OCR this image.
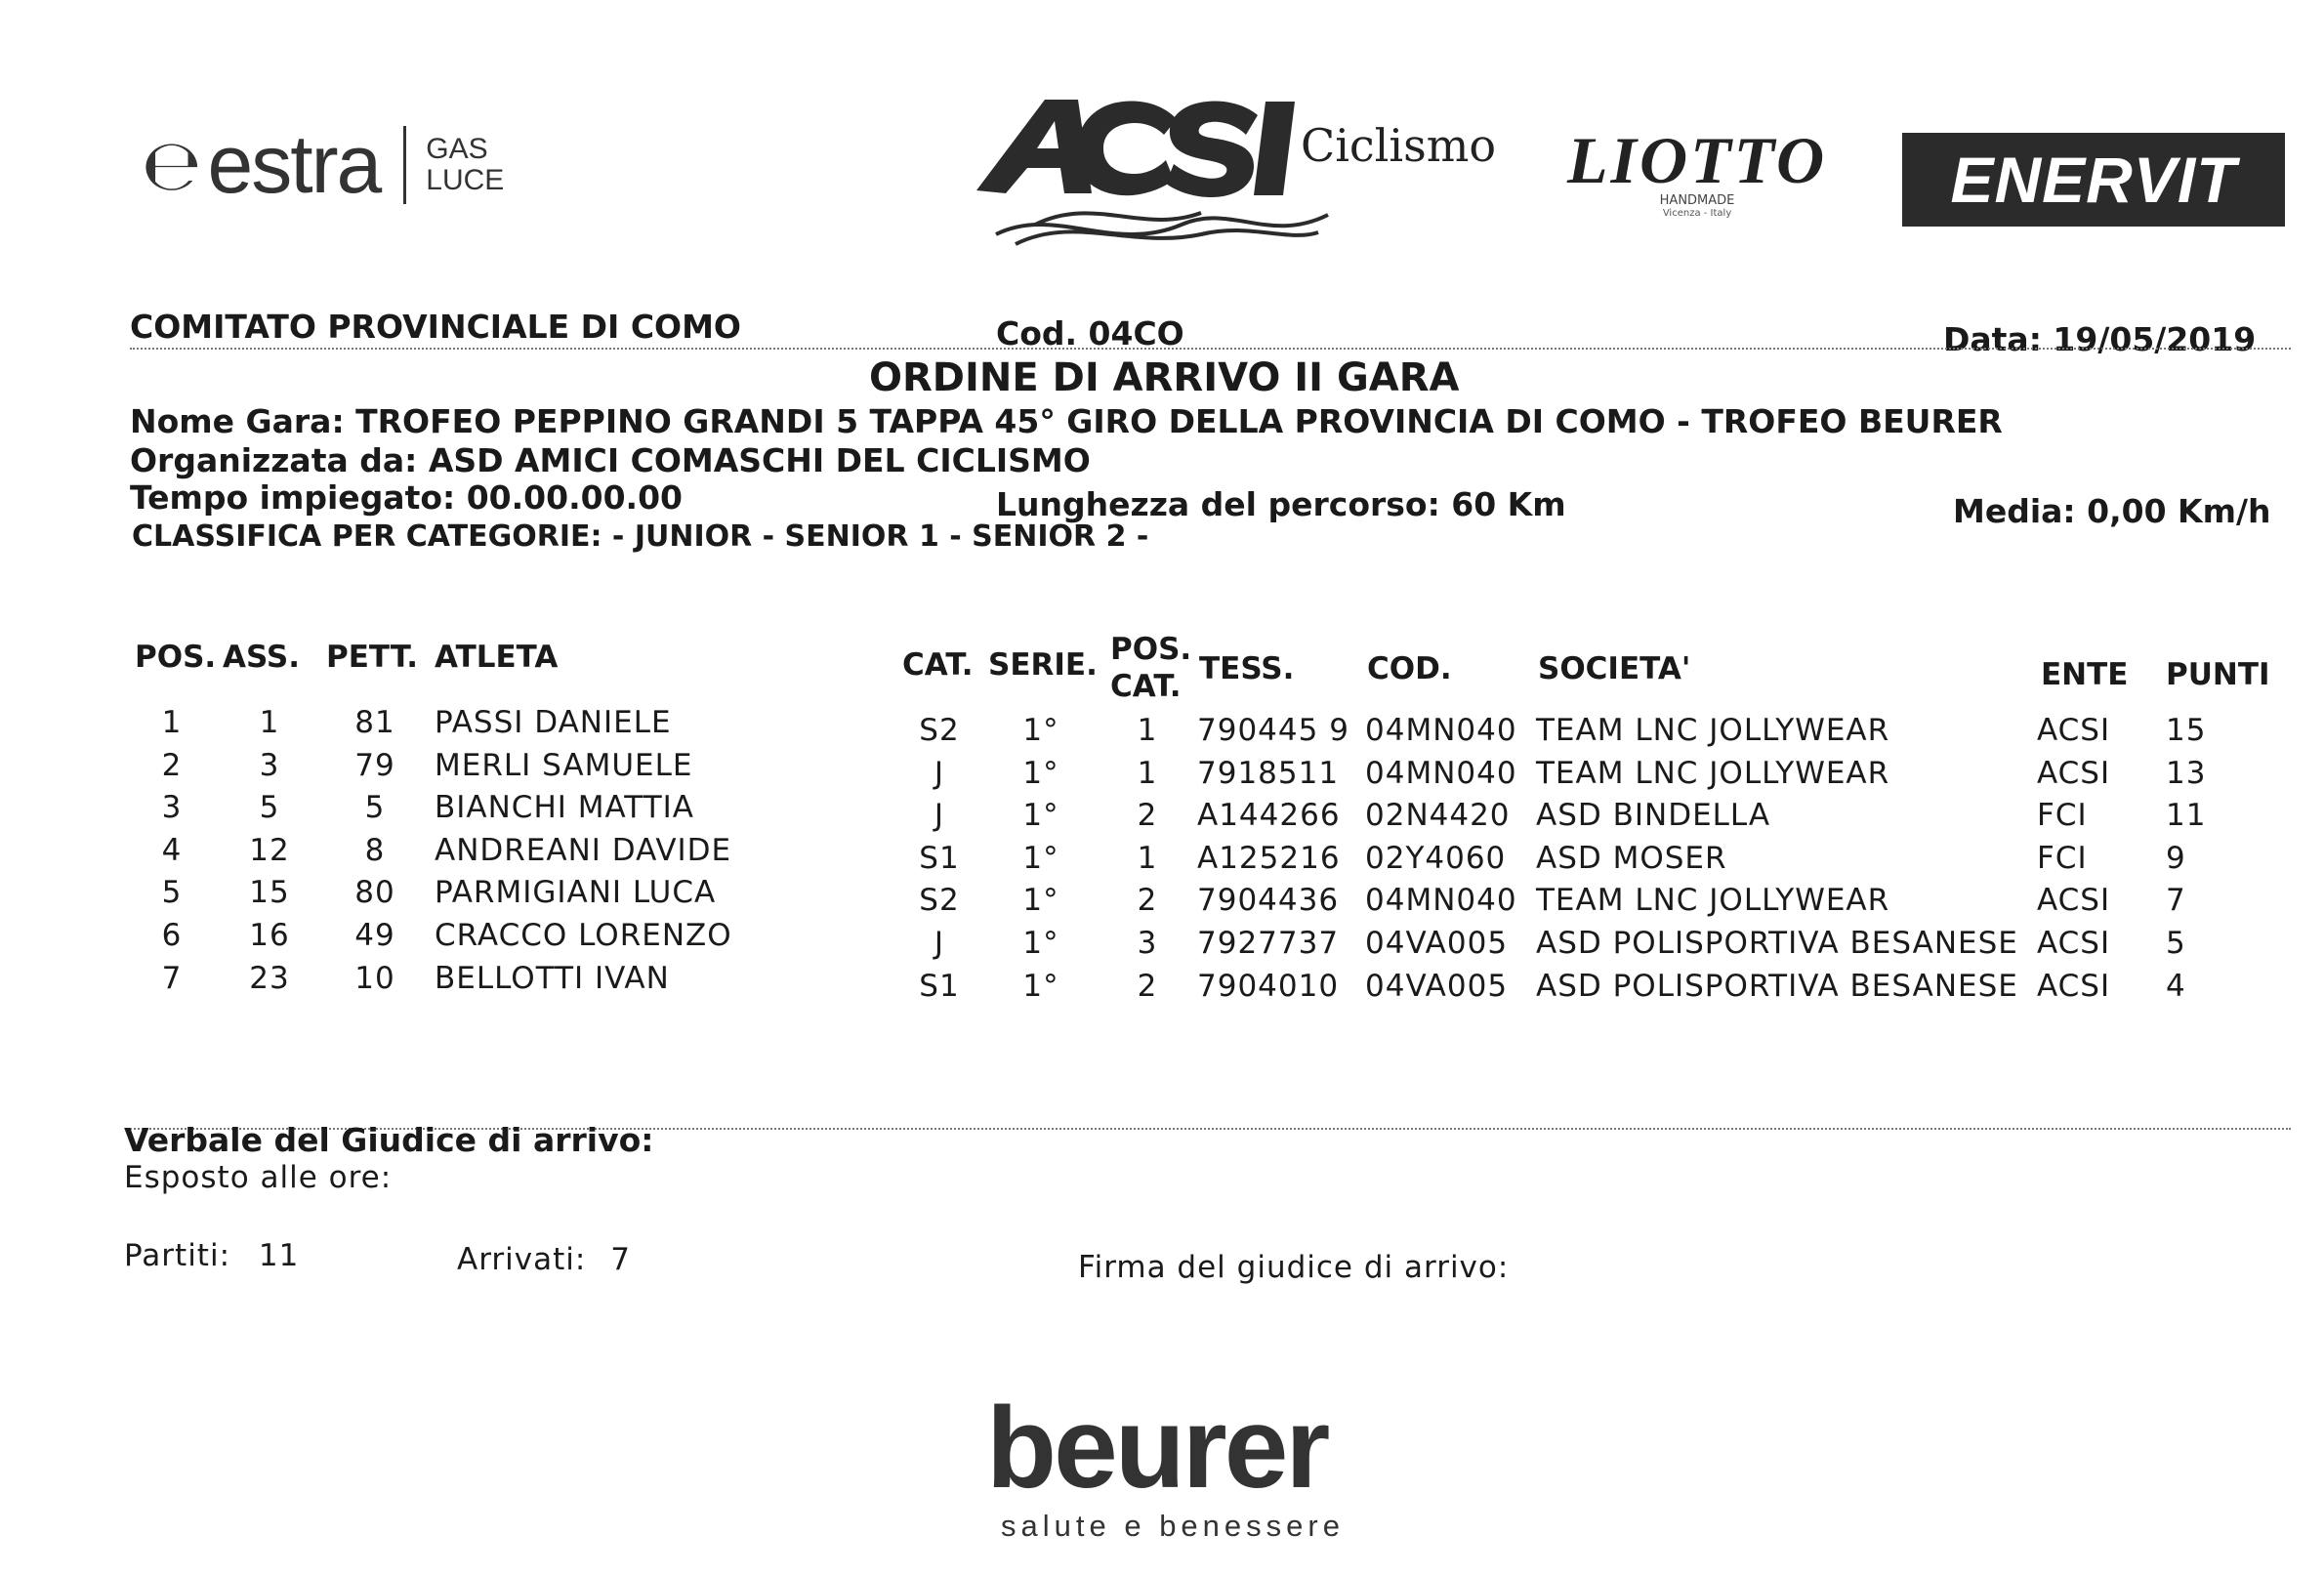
℮ estra GAS
LUCE
Ciclismo LIOTTO
HANDMADE
Vicenza - Italy	ENERVIT
COMITATO PROVINCIALE DI COMO	Cod. 04CO	Data: 19/05/2019
ORDINE DI ARRIVO II GARA
Nome Gara: TROFEO PEPPINO GRANDI 5 TAPPA 45° GIRO DELLA PROVINCIA DI COMO - TROFEO BEURER
Organizzata da: ASD AMICI COMASCHI DEL CICLISMO
Tempo impiegato: 00.00.00.00	Lunghezza del percorso: 60 Km	Media: 0,00 Km/h
CLASSIFICA PER CATEGORIE: - JUNIOR - SENIOR 1 - SENIOR 2 -
POS. ASS. PETT. ATLETA	CAT. SERIE. POS.
CAT. TESS. COD.	SOCIETA'	ENTE PUNTI
1	1	81	PASSI DANIELE	S2	1°	1	790445 9 04MN040 TEAM LNC JOLLYWEAR	ACSI 15
2	3	79	MERLI SAMUELE	J	1°	1	7918511 04MN040 TEAM LNC JOLLYWEAR	ACSI 13
3	5	5	BIANCHI MATTIA	J	1°	2	A144266 02N4420 ASD BINDELLA	FCI	11
4	12	8	ANDREANI DAVIDE	S1	1°	1	A125216 02Y4060 ASD MOSER	FCI	9
5	15	80	PARMIGIANI LUCA	S2	1°	2	7904436 04MN040 TEAM LNC JOLLYWEAR	ACSI 7
6	16	49	CRACCO LORENZO	J	1°	3	7927737 04VA005 ASD POLISPORTIVA BESANESE ACSI 5
7	23	10	BELLOTTI IVAN	S1	1°	2	7904010 04VA005 ASD POLISPORTIVA BESANESE ACSI 4
Verbale del Giudice di arrivo:
Esposto alle ore:
Partiti: 11	Arrivati: 7	Firma del giudice di arrivo:
beurer
salute e benessere
